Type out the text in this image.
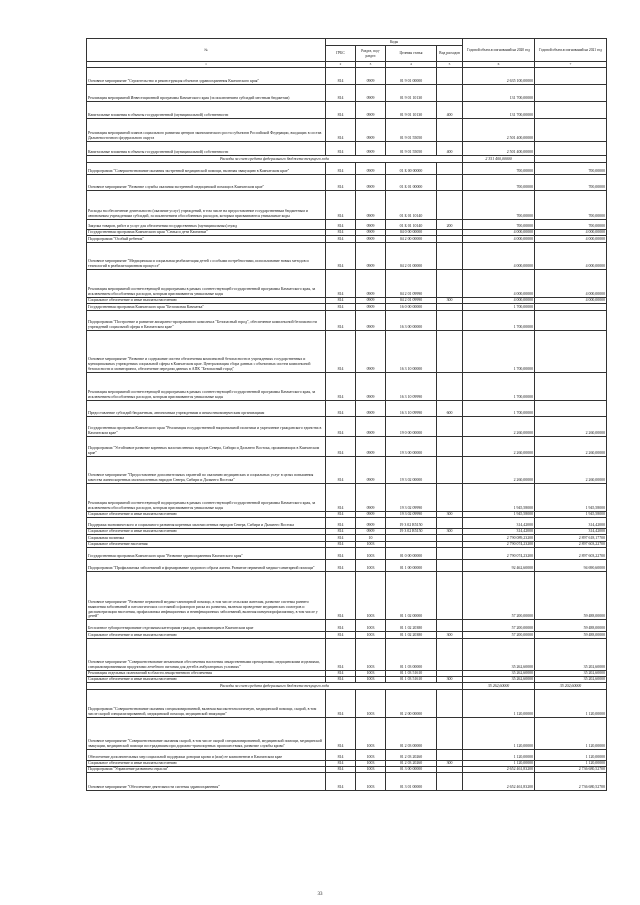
№	Коды				Годовой объем ассигнований на 2020 год	Годовой объем ассигнований на 2021 год
	ГРБС	Раздел, под-раздел	Целевая статья	Вид расходов		
1	2	3	4	5	6	7
Основное мероприятие "Строительство и реконструкция объектов здравоохранения Камчатского края"	814	0909	01 9 01 00000		2 635 100,00000	
Реализация мероприятий Инвестиционной программы Камчатского края (за исключением субсидий местным бюджетам)	814	0909	01 9 01 10130		131 700,00000	
Капитальные вложения в объекты государственной (муниципальной) собственности	814	0909	01 9 01 10130	400	131 700,00000	
Реализация мероприятий планов социального развития центров экономического роста субъектов Российской Федерации, входящих в состав Дальневосточного федерального округа	814	0909	01 9 01 55050		2 501 400,00000	
Капитальные вложения в объекты государственной (муниципальной) собственности	814	0909	01 9 01 55050	400	2 501 400,00000	
Расходы за счет средств федерального бюджета текущего года					2 351 400,00000	
Подпрограмма "Совершенствование оказания экстренной медицинской помощи, включая эвакуацию в Камчатском крае"	814	0909	01 Б 00 00000		700,00000	700,00000
Основное мероприятие "Развитие службы оказания экстренной медицинской помощи в Камчатском крае"	814	0909	01 Б 01 00000		700,00000	700,00000
Расходы на обеспечение деятельности (оказание услуг) учреждений, в том числе на предоставление государственным бюджетным и автономным учреждениям субсидий, за исключением обособленных расходов, которым присваиваются уникальные коды	814	0909	01 Б 01 10140		700,00000	700,00000
Закупка товаров, работ и услуг для обеспечения государственных (муниципальных) нужд	814	0909	01 Б 01 10140	200	700,00000	700,00000
Государственная программа Камчатского края "Семья и дети Камчатки"	814	0909	04 0 00 00000		4 000,00000	4 000,00000
Подпрограмма "Особый ребенок"	814	0909	04 2 00 00000		4 000,00000	4 000,00000
Основное мероприятие "Медицинская и социальная реабилитация детей с особыми потребностями, использование новых методов и технологий в реабилитационном процессе"	814	0909	04 2 01 00000		4 000,00000	4 000,00000
Реализация мероприятий соответствующей подпрограммы в рамках соответствующей государственной программы Камчатского края, за исключением обособленных расходов, которым присваиваются уникальные коды	814	0909	04 2 01 09990		4 000,00000	4 000,00000
Социальное обеспечение и иные выплаты населению	814	0909	04 2 01 09990	300	4 000,00000	4 000,00000
Государственная программа Камчатского края "Безопасная Камчатка"	814	0909	16 0 00 00000		1 700,00000	
Подпрограмма "Построение и развитие аппаратно-программного комплекса "Безопасный город", обеспечение комплексной безопасности учреждений социальной сферы в Камчатском крае"	814	0909	16 3 00 00000		1 700,00000	
Основное мероприятие "Развитие и содержание систем обеспечения комплексной безопасности в учреждениях государственных и муниципальных учреждениях социальной сферы в Камчатском крае. Централизация сбора данных с объектовых систем комплексной безопасности и мониторинга, обеспечение передачи данных в АПК "Безопасный город"	814	0909	16 3 10 00000		1 700,00000	
Реализация мероприятий соответствующей подпрограммы в рамках соответствующей государственной программы Камчатского края, за исключением обособленных расходов, которым присваиваются уникальные коды	814	0909	16 3 10 09990		1 700,00000	
Предоставление субсидий бюджетным, автономным учреждениям и иным некоммерческим организациям	814	0909	16 3 10 09990	600	1 700,00000	
Государственная программа Камчатского края "Реализация государственной национальной политики и укрепление гражданского единства в Камчатском крае"	814	0909	19 0 00 00000		2 260,00000	2 260,00000
Подпрограмма "Устойчивое развитие коренных малочисленных народов Севера, Сибири и Дальнего Востока, проживающих в Камчатском крае"	814	0909	19 3 00 00000		2 260,00000	2 260,00000
Основное мероприятие "Предоставление дополнительных гарантий по оказанию медицинских и социальных услуг в целях повышения качества жизни коренных малочисленных народов Севера, Сибири и Дальнего Востока"	814	0909	19 3 02 00000		2 260,00000	2 260,00000
Реализация мероприятий соответствующей подпрограммы в рамках соответствующей государственной программы Камчатского края, за исключением обособленных расходов, которым присваиваются уникальные коды	814	0909	19 3 02 09990		1 945,58000	1 945,58000
Социальное обеспечение и иные выплаты населению	814	0909	19 3 02 09990	300	1 945,58000	1 945,58000
Поддержка экономического и социального развития коренных малочисленных народов Севера, Сибири и Дальнего Востока	814	0909	19 3 02 R5150		314,42000	314,42000
Социальное обеспечение и иные выплаты населению	814	0909	19 3 02 R5150	300	314,42000	314,42000
Социальная политика	814	10			2 790 089,23200	2 897 618,17700
Социальное обеспечение населения	814	1003			2 790 074,23200	2 897 603,22700
Государственная программа Камчатского края "Развитие здравоохранения Камчатского края"	814	1003	01 0 00 00000		2 790 074,23200	2 897 603,22700
Подпрограмма "Профилактика заболеваний и формирование здорового образа жизни. Развитие первичной медико-санитарной помощи"	814	1003	01 1 00 00000		92 462,60000	94 690,60000
Основное мероприятие "Развитие первичной медико-санитарной помощи, в том числе сельским жителям, развитие системы раннего выявления заболеваний и патологических состояний и факторов риска их развития, включая проведение медицинских осмотров и диспансеризации населения, профилактика инфекционных и неинфекционных заболеваний, включая иммунопрофилактику, в том числе у детей"	814	1003	01 1 02 00000		57 200,00000	59 488,00000
Бесплатное зубопротезирование отдельным категориям граждан, проживающим в Камчатском крае	814	1003	01 1 02 20380		57 200,00000	59 488,00000
Социальное обеспечение и иные выплаты населению	814	1003	01 1 02 20380	300	57 200,00000	59 488,00000
Основное мероприятие "Совершенствование механизмов обеспечения населения лекарственными препаратами, медицинскими изделиями, специализированными продуктами лечебного питания для детей в амбулаторных условиях"	814	1003	01 1 03 00000		35 262,60000	35 202,60000
Реализация отдельных полномочий в области лекарственного обеспечения	814	1003	01 1 03 51610		35 262,60000	35 202,60000
Социальное обеспечение и иные выплаты населению	814	1003	01 1 03 51610	300	35 262,60000	35 202,60000
Расходы за счет средств федерального бюджета текущего года					35 262,60000	35 202,60000
Подпрограмма "Совершенствование оказания специализированной, включая высокотехнологичную, медицинской помощи, скорой, в том числе скорой специализированной, медицинской помощи, медицинской эвакуации"	814	1003	01 2 00 00000		1 120,00000	1 120,00000
Основное мероприятие "Совершенствование оказания скорой, в том числе скорой специализированной, медицинской помощи, медицинской эвакуации, медицинской помощи пострадавшим при дорожно-транспортных происшествиях, развитие службы крови"	814	1003	01 2 03 00000		1 120,00000	1 120,00000
Обеспечение дополнительных мер социальной поддержки донорам крови и (или) ее компонентов в Камчатском крае	814	1003	01 2 03 20260		1 120,00000	1 120,00000
Социальное обеспечение и иные выплаты населению	814	1003	01 2 03 20260	300	1 120,00000	1 120,00000
Подпрограмма "Управление развитием отрасли"	814	1003	01 3 00 00000		2 652 461,83200	2 736 680,52700
Основное мероприятие "Обеспечение деятельности системы здравоохранения"	814	1003	01 3 01 00000		2 652 461,83200	2 736 680,52700
33
